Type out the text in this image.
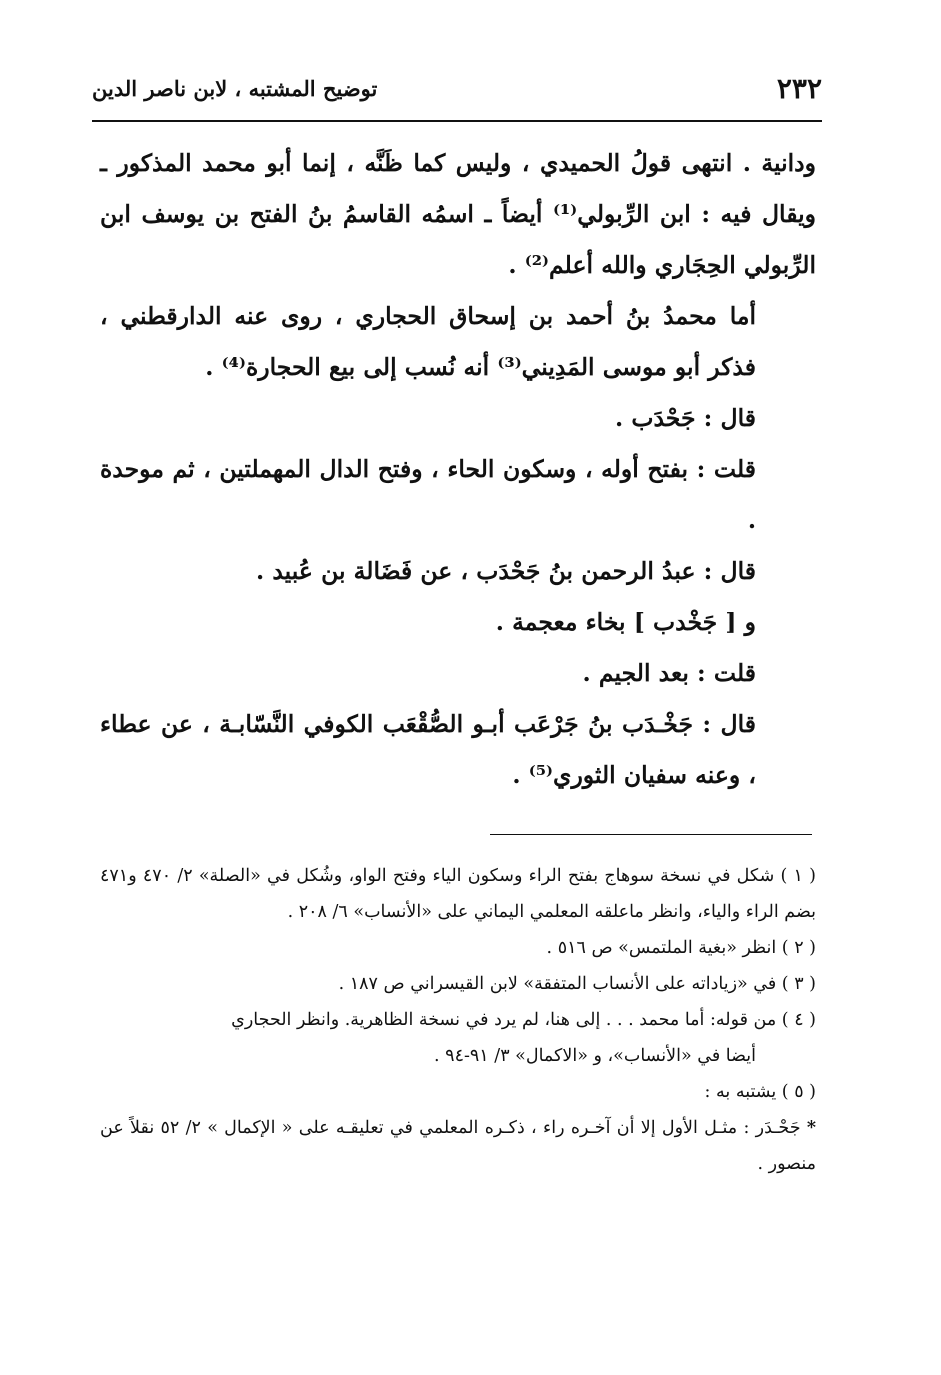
٢٣٢
توضيح المشتبه ، لابن ناصر الدين

ودانية . انتهى قولُ الحميدي ، وليس كما ظَنَّه ، إنما أبو محمد المذكور ـ ويقال فيه : ابن الرِّبولي⁽¹⁾ أيضاً ـ اسمُه القاسمُ بنُ الفتح بن يوسف ابن الرِّبولي الحِجَاري والله أعلم⁽²⁾ .

أما محمدُ بنُ أحمد بن إسحاق الحجاري ، روى عنه الدارقطني ، فذكر أبو موسى المَدِيني⁽³⁾ أنه نُسب إلى بيع الحجارة⁽⁴⁾ .

قال : جَحْدَب .

قلت : بفتح أوله ، وسكون الحاء ، وفتح الدال المهملتين ، ثم موحدة .

قال : عبدُ الرحمن بنُ جَحْدَب ، عن فَضَالة بن عُبيد .

و [ جَخْدب ] بخاء معجمة .

قلت : بعد الجيم .

قال : جَخْـدَب بنُ جَرْعَب أبـو الصُّقْعَب الكوفي النَّسّابـة ، عن عطاء ، وعنه سفيان الثوري⁽⁵⁾ .

( ١ ) شكل في نسخة سوهاج بفتح الراء وسكون الياء وفتح الواو، وشُكل في «الصلة» ٢/ ٤٧٠ و٤٧١ بضم الراء والياء، وانظر ماعلقه المعلمي اليماني على «الأنساب» ٦/ ٢٠٨ .

( ٢ ) انظر «بغية الملتمس» ص ٥١٦ .

( ٣ ) في «زياداته على الأنساب المتفقة» لابن القيسراني ص ١٨٧ .

( ٤ ) من قوله: أما محمد . . . إلى هنا، لم يرد في نسخة الظاهرية. وانظر الحجاري

أيضا في «الأنساب»، و «الاكمال» ٣/ ٩١-٩٤ .

( ٥ ) يشتبه به :

* جَحْـدَر : مثـل الأول إلا أن آخـره راء ، ذكـره المعلمي في تعليقـه على « الإكمال » ٢/ ٥٢ نقلاً عن منصور .
